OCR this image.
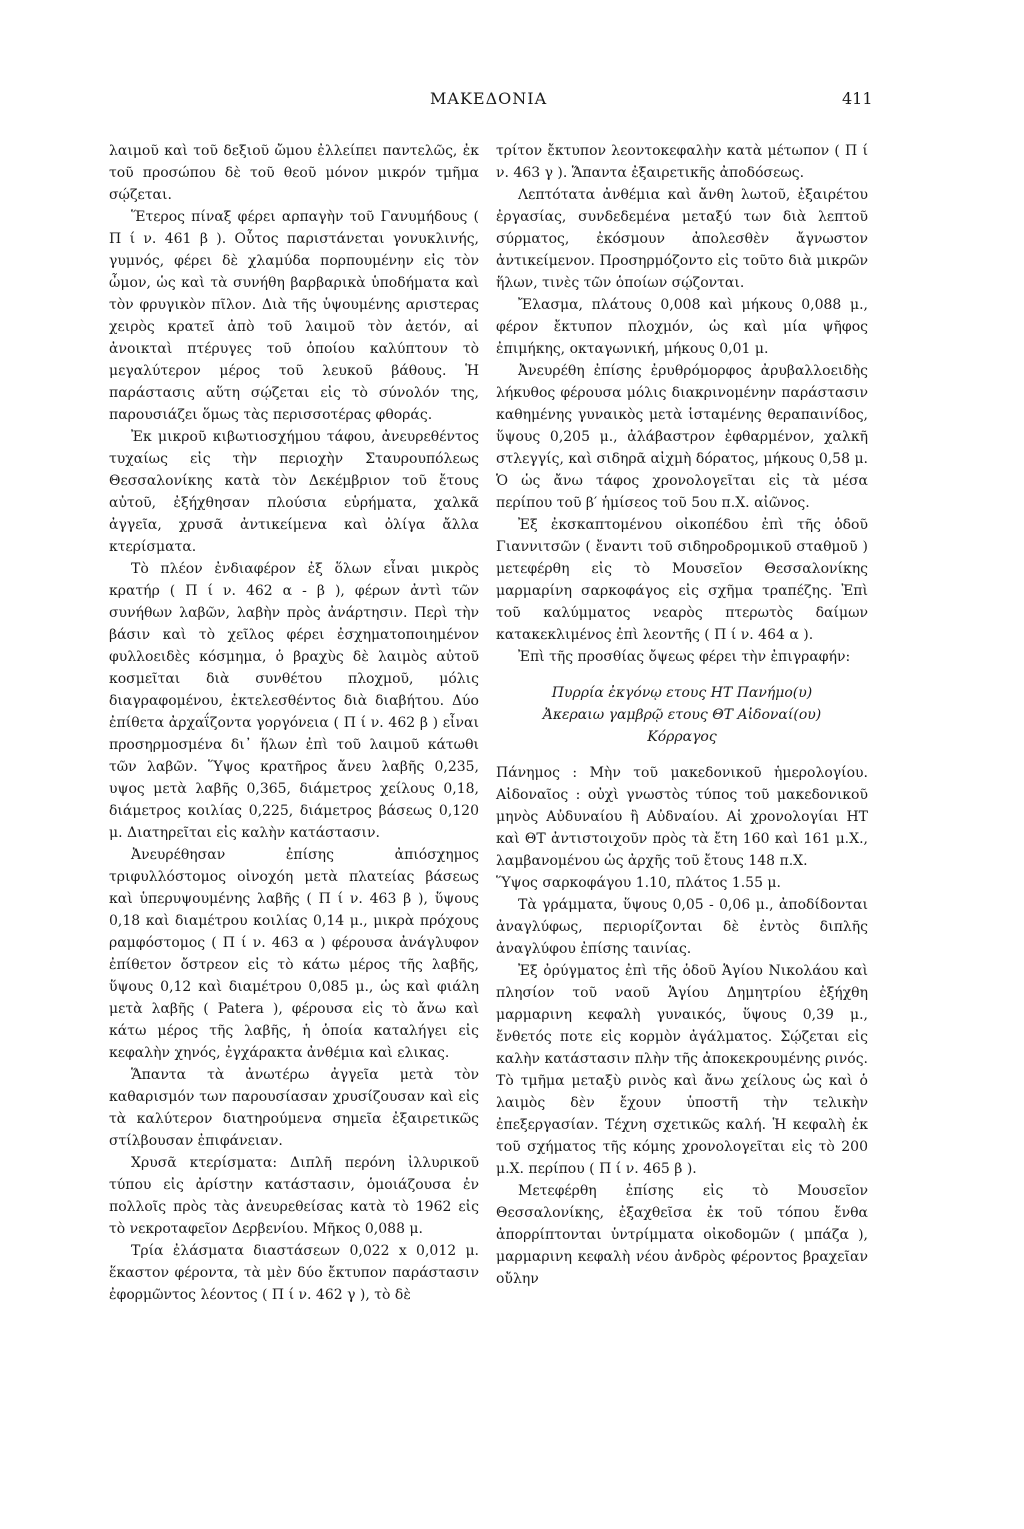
ΜΑΚΕΔΟΝΙΑ	411

λαιμοῦ καὶ τοῦ δεξιοῦ ὤμου ἐλλείπει παντελῶς, ἐκ τοῦ προσώπου δὲ τοῦ θεοῦ μόνον μικρόν τμῆμα σῴζεται.

Ἕτερος πίναξ φέρει αρπαγὴν τοῦ Γανυμήδους ( Π ί ν. 461 β ). Οὗτος παριστάνεται γονυκλινής, γυμνός, φέρει δὲ χλαμύδα πορπουμένην εἰς τὸν ὦμον, ὡς καὶ τὰ συνήθη βαρβαρικὰ ὑποδήματα καὶ τὸν φρυγικὸν πῖλον. Διὰ τῆς ὑψουμένης αριστερας χειρὸς κρατεῖ ἀπὸ τοῦ λαιμοῦ τὸν ἀετόν, αἱ ἀνοικταὶ πτέρυγες τοῦ ὁποίου καλύπτουν τὸ μεγαλύτερον μέρος τοῦ λευκοῦ βάθους. Ἡ παράστασις αὕτη σῴζεται εἰς τὸ σύνολόν της, παρουσιάζει ὅμως τὰς περισσοτέρας φθοράς.

Ἐκ μικροῦ κιβωτιοσχήμου τάφου, ἀνευρεθέντος τυχαίως εἰς τὴν περιοχὴν Σταυρουπόλεως Θεσσαλονίκης κατὰ τὸν Δεκέμβριον τοῦ ἔτους αὐτοῦ, ἐξήχθησαν πλούσια εὑρήματα, χαλκᾶ ἀγγεῖα, χρυσᾶ ἀντικείμενα καὶ ὀλίγα ἄλλα κτερίσματα.

Τὸ πλέον ἐνδιαφέρον ἐξ ὅλων εἶναι μικρὸς κρατήρ ( Π ί ν. 462 α - β ), φέρων ἀντὶ τῶν συνήθων λαβῶν, λαβὴν πρὸς ἀνάρτησιν. Περὶ τὴν βάσιν καὶ τὸ χεῖλος φέρει ἐσχηματοποιημένον φυλλοειδὲς κόσμημα, ὁ βραχὺς δὲ λαιμὸς αὐτοῦ κοσμεῖται διὰ συνθέτου πλοχμοῦ, μόλις διαγραφομένου, ἐκτελεσθέντος διὰ διαβήτου. Δύο ἐπίθετα ἀρχαΐζοντα γοργόνεια ( Π ί ν. 462 β ) εἶναι προσηρμοσμένα δι᾽ ἥλων ἐπὶ τοῦ λαιμοῦ κάτωθι τῶν λαβῶν. Ὕψος κρατῆρος ἄνευ λαβῆς 0,235, υψος μετὰ λαβῆς 0,365, διάμετρος χείλους 0,18, διάμετρος κοιλίας 0,225, διάμετρος βάσεως 0,120 μ. Διατηρεῖται εἰς καλὴν κατάστασιν.

Ἀνευρέθησαν ἐπίσης ἀπιόσχημος τριφυλλόστομος οἰνοχόη μετὰ πλατείας βάσεως καὶ ὑπερυψουμένης λαβῆς ( Π ί ν. 463 β ), ὕψους 0,18 καὶ διαμέτρου κοιλίας 0,14 μ., μικρὰ πρόχους ραμφόστομος ( Π ί ν. 463 α ) φέρουσα ἀνάγλυφον ἐπίθετον ὄστρεον εἰς τὸ κάτω μέρος τῆς λαβῆς, ὕψους 0,12 καὶ διαμέτρου 0,085 μ., ὡς καὶ φιάλη μετὰ λαβῆς ( Patera ), φέρουσα εἰς τὸ ἄνω καὶ κάτω μέρος τῆς λαβῆς, ἡ ὁποία καταλήγει εἰς κεφαλὴν χηνός, ἐγχάρακτα ἀνθέμια καὶ ελικας.

Ἅπαντα τὰ ἀνωτέρω ἀγγεῖα μετὰ τὸν καθαρισμόν των παρουσίασαν χρυσίζουσαν καὶ εἰς τὰ καλύτερον διατηρούμενα σημεῖα ἐξαιρετικῶς στίλβουσαν ἐπιφάνειαν.

Χρυσᾶ κτερίσματα: Διπλῆ περόνη ἰλλυρικοῦ τύπου εἰς ἀρίστην κατάστασιν, ὁμοιάζουσα ἐν πολλοῖς πρὸς τὰς ἀνευρεθείσας κατὰ τὸ 1962 εἰς τὸ νεκροταφεῖον Δερβενίου. Μῆκος 0,088 μ.

Τρία ἐλάσματα διαστάσεων 0,022 x 0,012 μ. ἕκαστον φέροντα, τὰ μὲν δύο ἔκτυπον παράστασιν ἐφορμῶντος λέοντος ( Π ί ν. 462 γ ), τὸ δὲ

τρίτον ἔκτυπον λεοντοκεφαλὴν κατὰ μέτωπον ( Π ί ν. 463 γ ). Ἅπαντα ἐξαιρετικῆς ἀποδόσεως.

Λεπτότατα ἀνθέμια καὶ ἄνθη λωτοῦ, ἐξαιρέτου ἐργασίας, συνδεδεμένα μεταξύ των διὰ λεπτοῦ σύρματος, ἐκόσμουν ἀπολεσθὲν ἄγνωστον ἀντικείμενον. Προσηρμόζοντο εἰς τοῦτο διὰ μικρῶν ἥλων, τινὲς τῶν ὁποίων σῴζονται.

Ἔλασμα, πλάτους 0,008 καὶ μήκους 0,088 μ., φέρον ἔκτυπον πλοχμόν, ὡς καὶ μία ψῆφος ἐπιμήκης, οκταγωνική, μήκους 0,01 μ.

Ἀνευρέθη ἐπίσης ἐρυθρόμορφος ἀρυβαλλοειδὴς λήκυθος φέρουσα μόλις διακρινομένην παράστασιν καθημένης γυναικὸς μετὰ ἱσταμένης θεραπαινίδος, ὕψους 0,205 μ., ἀλάβαστρον ἐφθαρμένον, χαλκῆ στλεγγίς, καὶ σιδηρᾶ αἰχμὴ δόρατος, μήκους 0,58 μ. Ὁ ὡς ἄνω τάφος χρονολογεῖται εἰς τὰ μέσα περίπου τοῦ β′ ἡμίσεος τοῦ 5ου π.Χ. αἰῶνος.

Ἐξ ἐκσκαπτομένου οἰκοπέδου ἐπὶ τῆς ὁδοῦ Γιαννιτσῶν ( ἔναντι τοῦ σιδηροδρομικοῦ σταθμοῦ ) μετεφέρθη εἰς τὸ Μουσεῖον Θεσσαλονίκης μαρμαρίνη σαρκοφάγος εἰς σχῆμα τραπέζης. Ἐπὶ τοῦ καλύμματος νεαρὸς πτερωτὸς δαίμων κατακεκλιμένος ἐπὶ λεοντῆς ( Π ί ν. 464 α ).

Ἐπὶ τῆς προσθίας ὄψεως φέρει τὴν ἐπιγραφήν:

Πυρρία ἐκγόνῳ ετους ΗΤ Πανήμο(υ)

Ἀκεραιω γαμβρῷ ετους ΘΤ Αἰδοναί(ου)

Κόρραγος

Πάνημος : Μὴν τοῦ μακεδονικοῦ ἡμερολογίου. Αἰδοναῖος : οὐχὶ γνωστὸς τύπος τοῦ μακεδονικοῦ μηνὸς Αὐδυναίου ἢ Αὐδναίου. Αἱ χρονολογίαι ΗΤ καὶ ΘΤ ἀντιστοιχοῦν πρὸς τὰ ἔτη 160 καὶ 161 μ.Χ., λαμβανομένου ὡς ἀρχῆς τοῦ ἔτους 148 π.Χ.

Ὕψος σαρκοφάγου 1.10, πλάτος 1.55 μ.

Τὰ γράμματα, ὕψους 0,05 - 0,06 μ., ἀποδίδονται ἀναγλύφως, περιορίζονται δὲ ἐντὸς διπλῆς ἀναγλύφου ἐπίσης ταινίας.

Ἐξ ὀρύγματος ἐπὶ τῆς ὁδοῦ Ἁγίου Νικολάου καὶ πλησίον τοῦ ναοῦ Ἁγίου Δημητρίου ἐξήχθη μαρμαρινη κεφαλὴ γυναικός, ὕψους 0,39 μ., ἔνθετός ποτε εἰς κορμὸν ἀγάλματος. Σῴζεται εἰς καλὴν κατάστασιν πλὴν τῆς ἀποκεκρουμένης ρινός. Τὸ τμῆμα μεταξὺ ρινὸς καὶ ἄνω χείλους ὡς καὶ ὁ λαιμὸς δὲν ἔχουν ὑποστῆ τὴν τελικὴν ἐπεξεργασίαν. Τέχνη σχετικῶς καλή. Ἡ κεφαλὴ ἐκ τοῦ σχήματος τῆς κόμης χρονολογεῖται εἰς τὸ 200 μ.Χ. περίπου ( Π ί ν. 465 β ).

Μετεφέρθη ἐπίσης εἰς τὸ Μουσεῖον Θεσσαλονίκης, ἐξαχθεῖσα ἐκ τοῦ τόπου ἔνθα ἀπορρίπτονται ὑντρίμματα οἰκοδομῶν ( μπάζα ), μαρμαρινη κεφαλὴ νέου ἀνδρὸς φέροντος βραχεῖαν οὔλην
